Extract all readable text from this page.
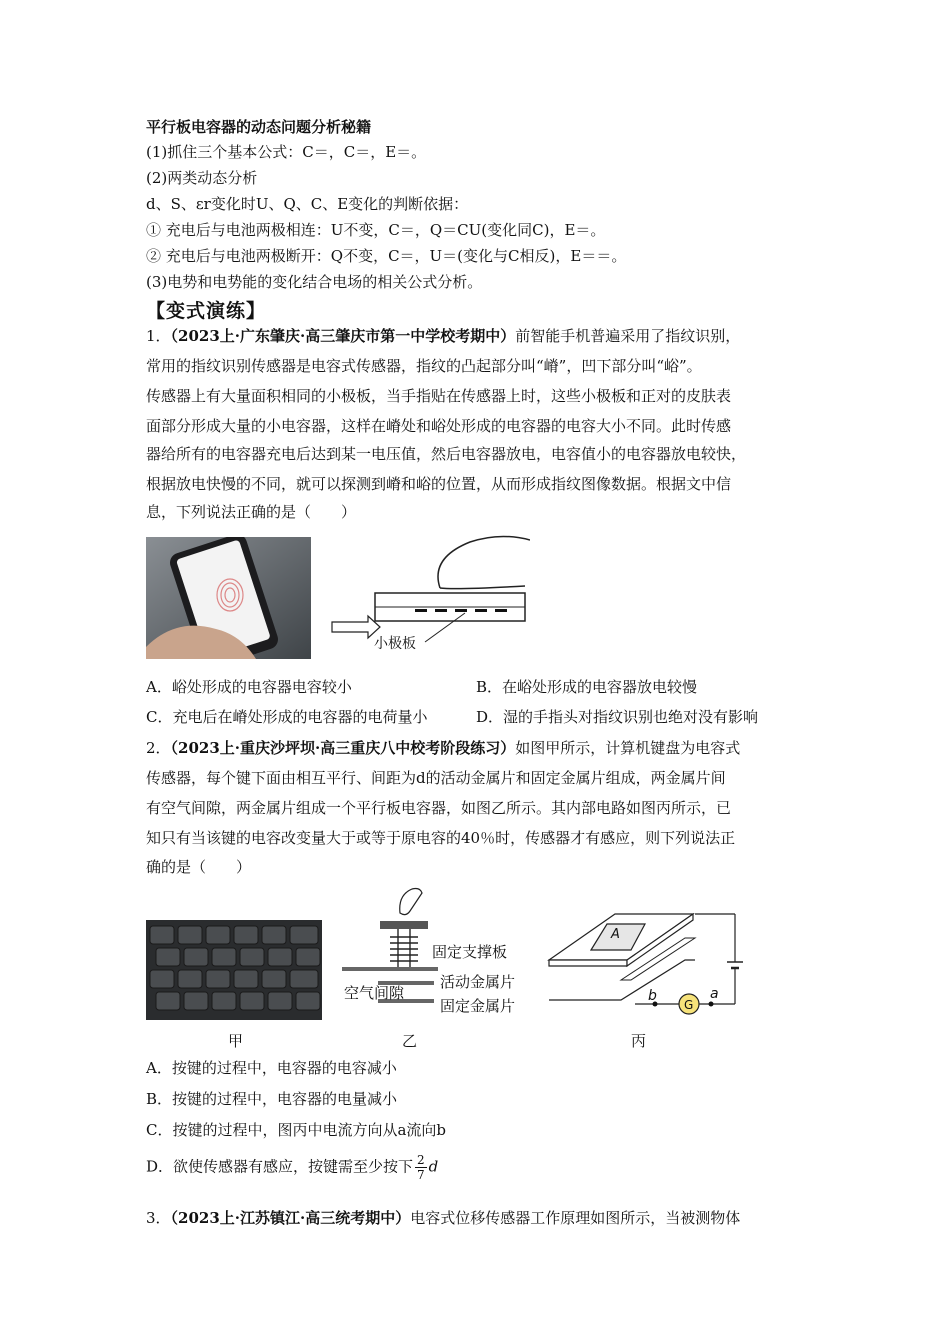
平行板电容器的动态问题分析秘籍
(1)抓住三个基本公式：C＝，C＝，E＝。
(2)两类动态分析
d、S、εr变化时U、Q、C、E变化的判断依据：
① 充电后与电池两极相连：U不变，C＝，Q＝CU(变化同C)，E＝。
② 充电后与电池两极断开：Q不变，C＝，U＝(变化与C相反)，E＝＝。
(3)电势和电势能的变化结合电场的相关公式分析。
【变式演练】
1．（2023上·广东肇庆·高三肇庆市第一中学校考期中）前智能手机普遍采用了指纹识别，
常用的指纹识别传感器是电容式传感器，指纹的凸起部分叫“嵴”，凹下部分叫“峪”。
传感器上有大量面积相同的小极板，当手指贴在传感器上时，这些小极板和正对的皮肤表
面部分形成大量的小电容器，这样在嵴处和峪处形成的电容器的电容大小不同。此时传感
器给所有的电容器充电后达到某一电压值，然后电容器放电，电容值小的电容器放电较快，
根据放电快慢的不同，就可以探测到嵴和峪的位置，从而形成指纹图像数据。根据文中信
息，下列说法正确的是（　　）
小极板
A．峪处形成的电容器电容较小	B．在峪处形成的电容器放电较慢
C．充电后在嵴处形成的电容器的电荷量小	D．湿的手指头对指纹识别也绝对没有影响
2．（2023上·重庆沙坪坝·高三重庆八中校考阶段练习）如图甲所示，计算机键盘为电容式
传感器，每个键下面由相互平行、间距为d的活动金属片和固定金属片组成，两金属片间
有空气间隙，两金属片组成一个平行板电容器，如图乙所示。其内部电路如图丙所示，已
知只有当该键的电容改变量大于或等于原电容的40％时，传感器才有感应，则下列说法正
确的是（　　）
甲
固定支撑板
活动金属片
空气间隙
固定金属片
乙
A
b
G
a
丙
A．按键的过程中，电容器的电容减小
B．按键的过程中，电容器的电量减小
C．按键的过程中，图丙中电流方向从a流向b
D．欲使传感器有感应，按键需至少按下 $\frac{2}{7}$ d
3．（2023上·江苏镇江·高三统考期中）电容式位移传感器工作原理如图所示，当被测物体
